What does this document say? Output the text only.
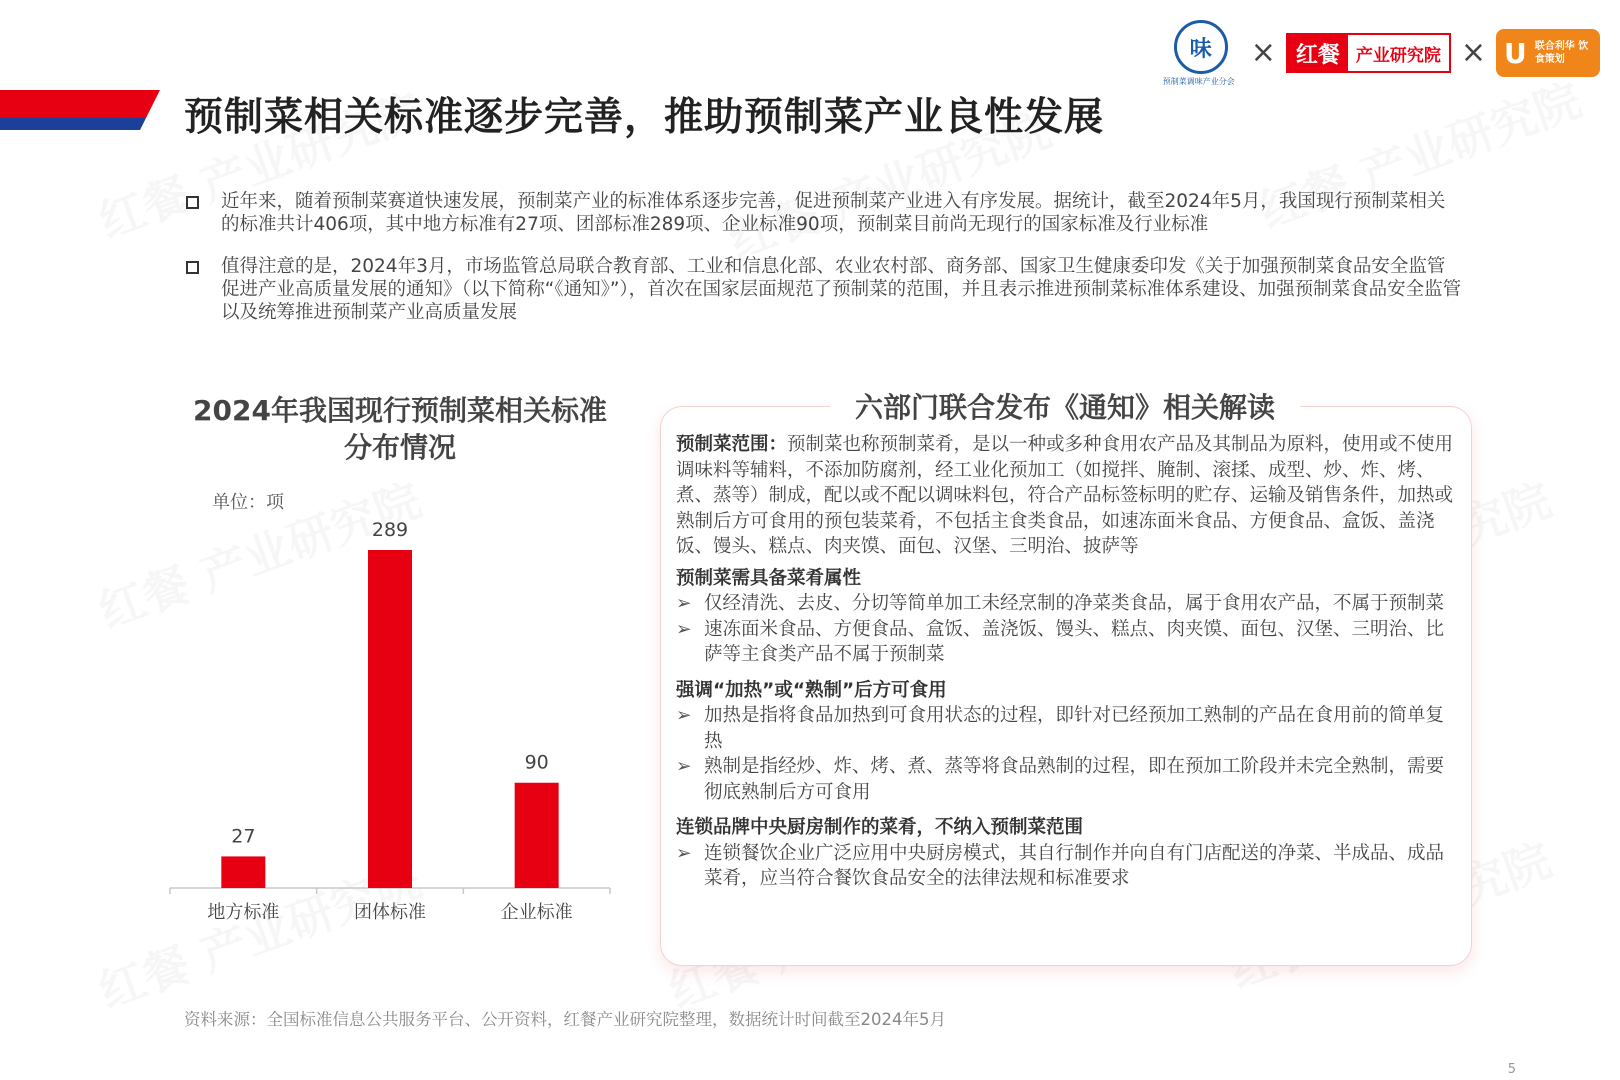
预制菜相关标准逐步完善，推助预制菜产业良性发展
味
预制菜调味产业分会
× 红餐 产业研究院 × U 联合利华 饮食策划
近年来，随着预制菜赛道快速发展，预制菜产业的标准体系逐步完善，促进预制菜产业进入有序发展。据统计，截至2024年5月，我国现行预制菜相关的标准共计406项，其中地方标准有27项、团部标准289项、企业标准90项，预制菜目前尚无现行的国家标准及行业标准
值得注意的是，2024年3月，市场监管总局联合教育部、工业和信息化部、农业农村部、商务部、国家卫生健康委印发《关于加强预制菜食品安全监管 促进产业高质量发展的通知》（以下简称“《通知》”），首次在国家层面规范了预制菜的范围，并且表示推进预制菜标准体系建设、加强预制菜食品安全监管以及统筹推进预制菜产业高质量发展
2024年我国现行预制菜相关标准
分布情况
单位：项
27
地方标准
289
团体标准
90
企业标准
六部门联合发布《通知》相关解读
预制菜范围：预制菜也称预制菜肴，是以一种或多种食用农产品及其制品为原料，使用或不使用调味料等辅料，不添加防腐剂，经工业化预加工（如搅拌、腌制、滚揉、成型、炒、炸、烤、煮、蒸等）制成，配以或不配以调味料包，符合产品标签标明的贮存、运输及销售条件，加热或熟制后方可食用的预包装菜肴，不包括主食类食品，如速冻面米食品、方便食品、盒饭、盖浇饭、馒头、糕点、肉夹馍、面包、汉堡、三明治、披萨等
预制菜需具备菜肴属性
➢ 仅经清洗、去皮、分切等简单加工未经烹制的净菜类食品，属于食用农产品，不属于预制菜
➢ 速冻面米食品、方便食品、盒饭、盖浇饭、馒头、糕点、肉夹馍、面包、汉堡、三明治、比萨等主食类产品不属于预制菜
强调“加热”或“熟制”后方可食用
➢ 加热是指将食品加热到可食用状态的过程，即针对已经预加工熟制的产品在食用前的简单复热
➢ 熟制是指经炒、炸、烤、煮、蒸等将食品熟制的过程，即在预加工阶段并未完全熟制，需要彻底熟制后方可食用
连锁品牌中央厨房制作的菜肴，不纳入预制菜范围
➢ 连锁餐饮企业广泛应用中央厨房模式，其自行制作并向自有门店配送的净菜、半成品、成品菜肴，应当符合餐饮食品安全的法律法规和标准要求
资料来源：全国标准信息公共服务平台、公开资料，红餐产业研究院整理，数据统计时间截至2024年5月
5
